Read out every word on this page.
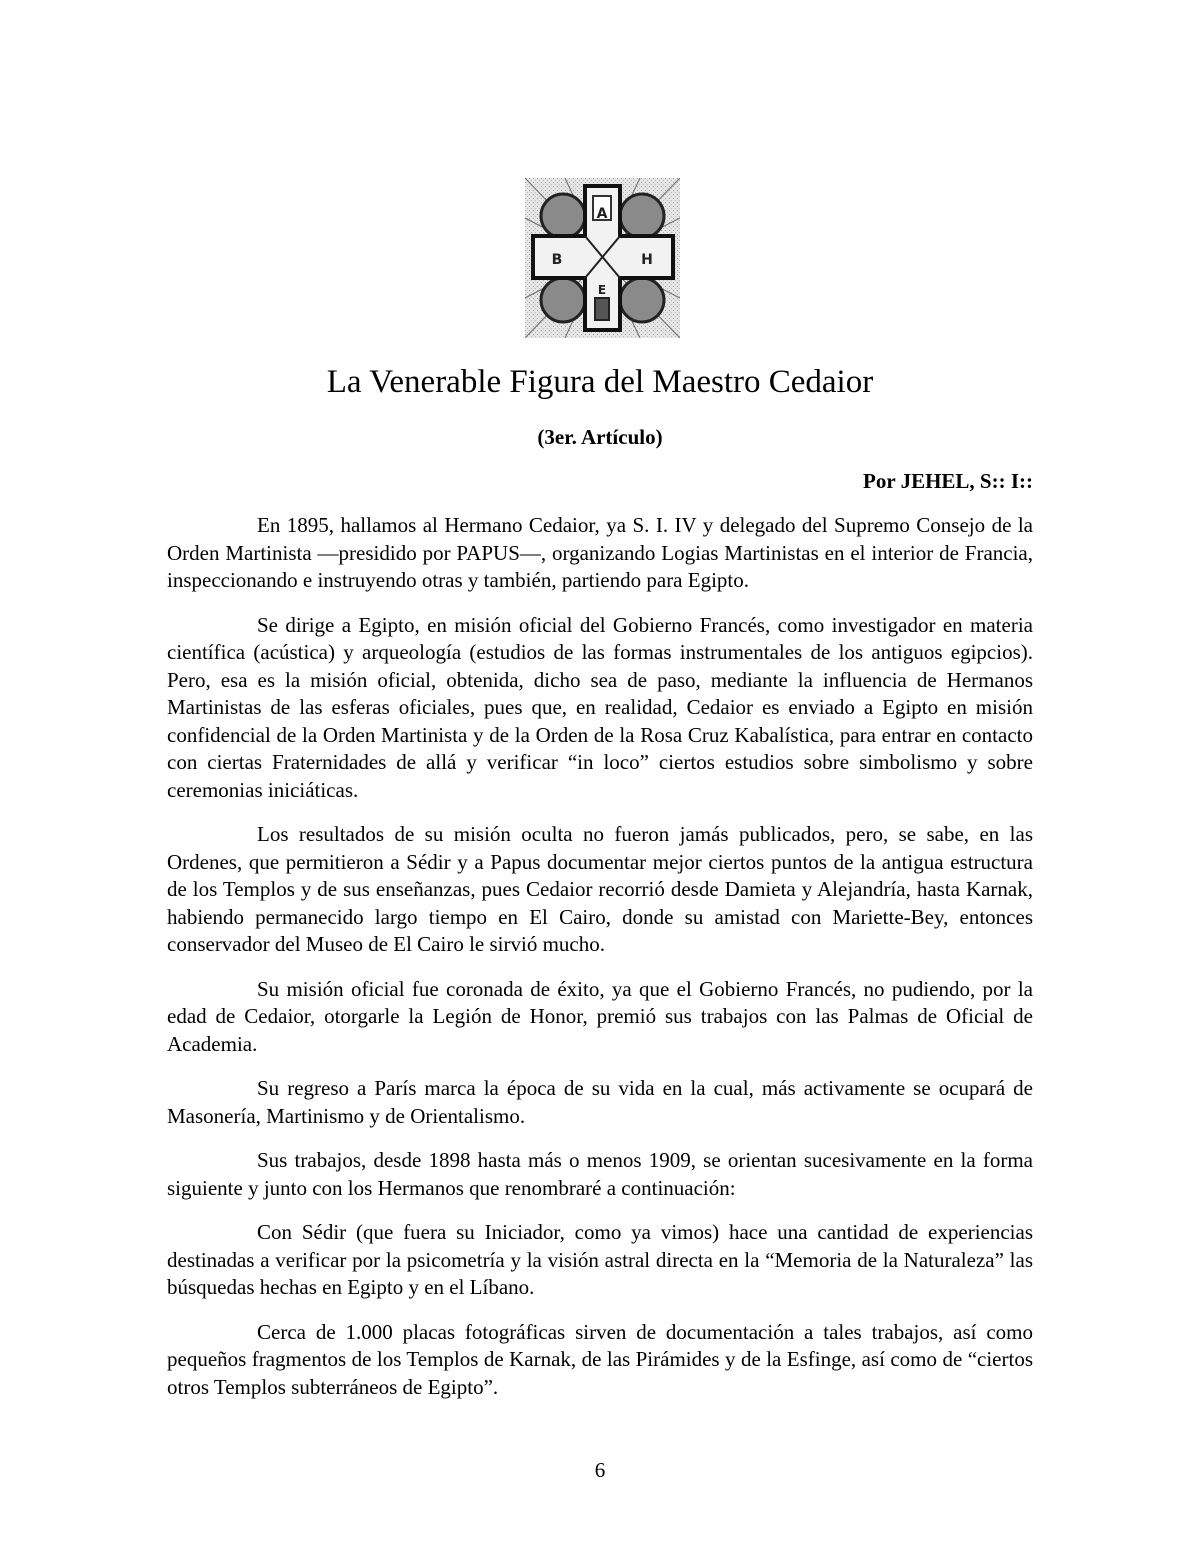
A
B	H
E
La Venerable Figura del Maestro Cedaior
(3er. Artículo)
Por JEHEL, S:: I::

En 1895, hallamos al Hermano Cedaior, ya S. I. IV y delegado del Supremo Consejo de la Orden Martinista —presidido por PAPUS—, organizando Logias Martinistas en el interior de Francia, inspeccionando e instruyendo otras y también, partiendo para Egipto.

Se dirige a Egipto, en misión oficial del Gobierno Francés, como investigador en materia científica (acústica) y arqueología (estudios de las formas instrumentales de los antiguos egipcios). Pero, esa es la misión oficial, obtenida, dicho sea de paso, mediante la influencia de Hermanos Martinistas de las esferas oficiales, pues que, en realidad, Cedaior es enviado a Egipto en misión confidencial de la Orden Martinista y de la Orden de la Rosa Cruz Kabalística, para entrar en contacto con ciertas Fraternidades de allá y verificar “in loco” ciertos estudios sobre simbolismo y sobre ceremonias iniciáticas.

Los resultados de su misión oculta no fueron jamás publicados, pero, se sabe, en las Ordenes, que permitieron a Sédir y a Papus documentar mejor ciertos puntos de la antigua estructura de los Templos y de sus enseñanzas, pues Cedaior recorrió desde Damieta y Alejandría, hasta Karnak, habiendo permanecido largo tiempo en El Cairo, donde su amistad con Mariette-Bey, entonces conservador del Museo de El Cairo le sirvió mucho.

Su misión oficial fue coronada de éxito, ya que el Gobierno Francés, no pudiendo, por la edad de Cedaior, otorgarle la Legión de Honor, premió sus trabajos con las Palmas de Oficial de Academia.

Su regreso a París marca la época de su vida en la cual, más activamente se ocupará de Masonería, Martinismo y de Orientalismo.

Sus trabajos, desde 1898 hasta más o menos 1909, se orientan sucesivamente en la forma siguiente y junto con los Hermanos que renombraré a continuación:

Con Sédir (que fuera su Iniciador, como ya vimos) hace una cantidad de experiencias destinadas a verificar por la psicometría y la visión astral directa en la “Memoria de la Naturaleza” las búsquedas hechas en Egipto y en el Líbano.

Cerca de 1.000 placas fotográficas sirven de documentación a tales trabajos, así como pequeños fragmentos de los Templos de Karnak, de las Pirámides y de la Esfinge, así como de “ciertos otros Templos subterráneos de Egipto”.

6
